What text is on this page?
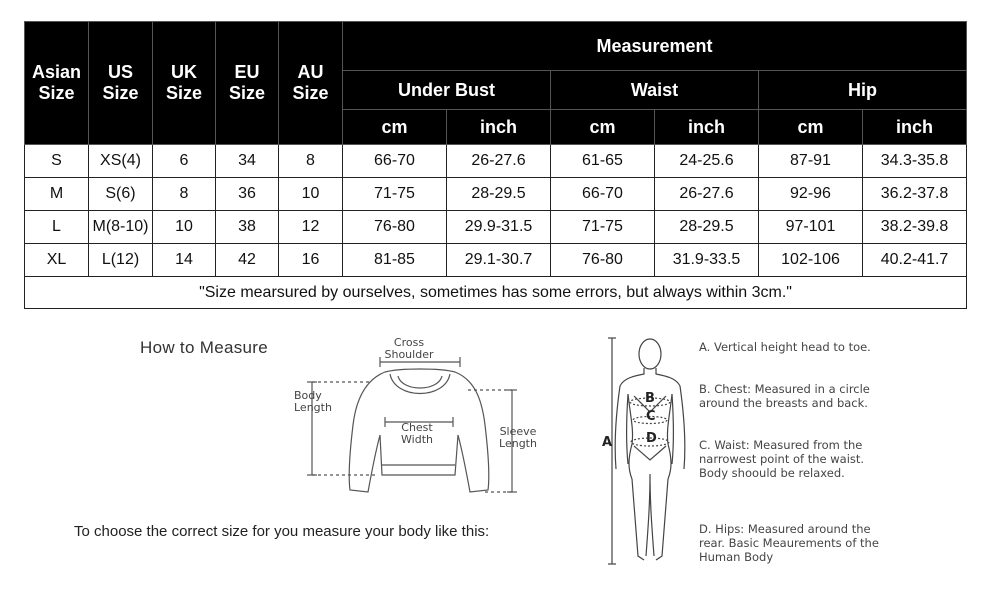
Asian Size	US Size	UK Size	EU Size	AU Size	Measurement					
					Under Bust		Waist		Hip	
					cm	inch	cm	inch	cm	inch
S	XS(4)	6	34	8	66-70	26-27.6	61-65	24-25.6	87-91	34.3-35.8
M	S(6)	8	36	10	71-75	28-29.5	66-70	26-27.6	92-96	36.2-37.8
L	M(8-10)	10	38	12	76-80	29.9-31.5	71-75	28-29.5	97-101	38.2-39.8
XL	L(12)	14	42	16	81-85	29.1-30.7	76-80	31.9-33.5	102-106	40.2-41.7
"Size mearsured by ourselves, sometimes has some errors, but always within 3cm."										
How to Measure	Cross Shoulder
Body Length
Chest Width
Sleeve Length
To choose the correct size for you measure your body like this:
A
B
C
D
A. Vertical height head to toe.
B. Chest: Measured in a circle around the breasts and back.
C. Waist: Measured from the narrowest point of the waist. Body shoould be relaxed.
D. Hips: Measured around the rear. Basic Meaurements of the Human Body
